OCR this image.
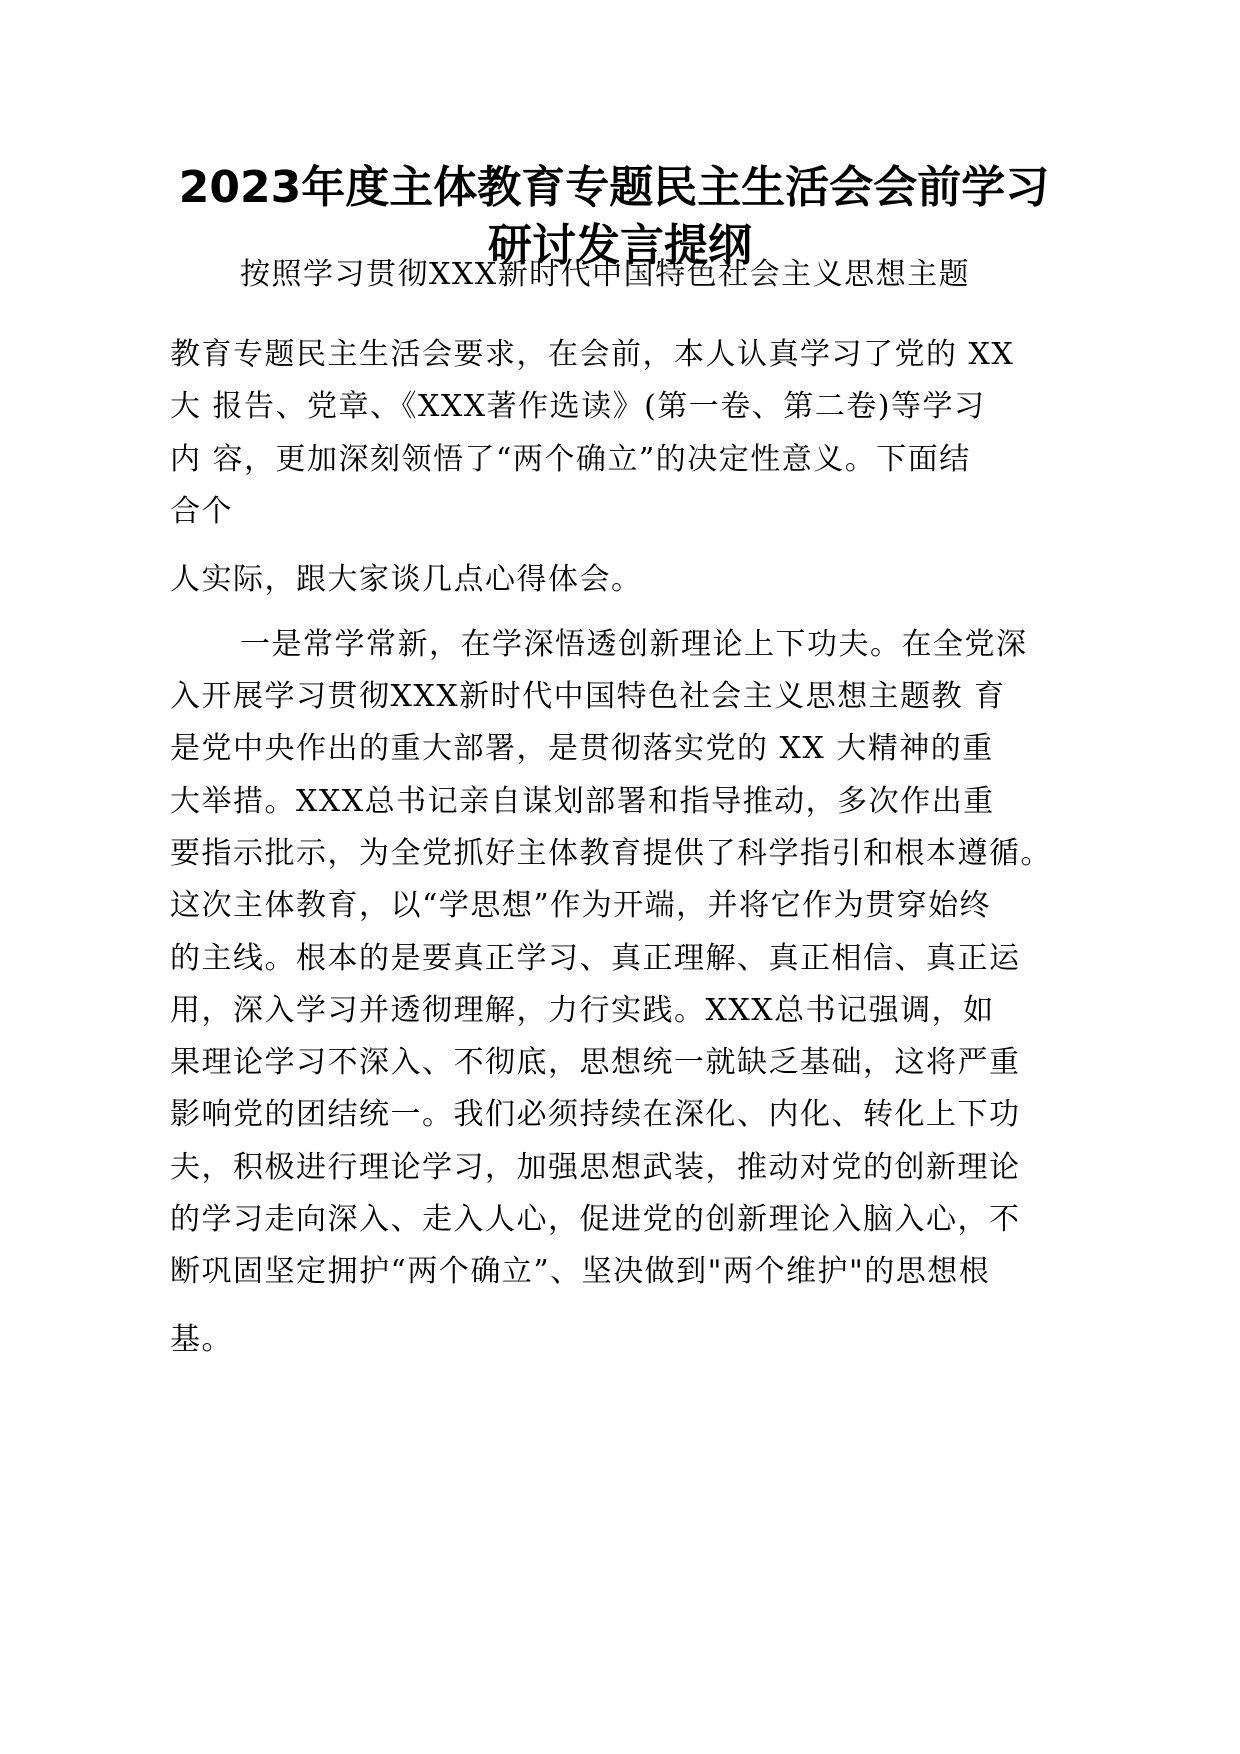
2023年度主体教育专题民主生活会会前学习
研讨发言提纲

按照学习贯彻XXX新时代中国特色社会主义思想主题

教育专题民主生活会要求，在会前，本人认真学习了党的 XX

大 报告、党章、《XXX著作选读》(第一卷、第二卷)等学习

内 容，更加深刻领悟了“两个确立”的决定性意义。下面结

合个

人实际，跟大家谈几点心得体会。

一是常学常新，在学深悟透创新理论上下功夫。在全党深

入开展学习贯彻XXX新时代中国特色社会主义思想主题教 育

是党中央作出的重大部署，是贯彻落实党的 XX 大精神的重

大举措。XXX总书记亲自谋划部署和指导推动，多次作出重

要指示批示，为全党抓好主体教育提供了科学指引和根本遵循。

这次主体教育，以“学思想”作为开端，并将它作为贯穿始终

的主线。根本的是要真正学习、真正理解、真正相信、真正运

用，深入学习并透彻理解，力行实践。XXX总书记强调，如

果理论学习不深入、不彻底，思想统一就缺乏基础，这将严重

影响党的团结统一。我们必须持续在深化、内化、转化上下功

夫，积极进行理论学习，加强思想武装，推动对党的创新理论

的学习走向深入、走入人心，促进党的创新理论入脑入心，不

断巩固坚定拥护“两个确立”、坚决做到"两个维护"的思想根

基。
